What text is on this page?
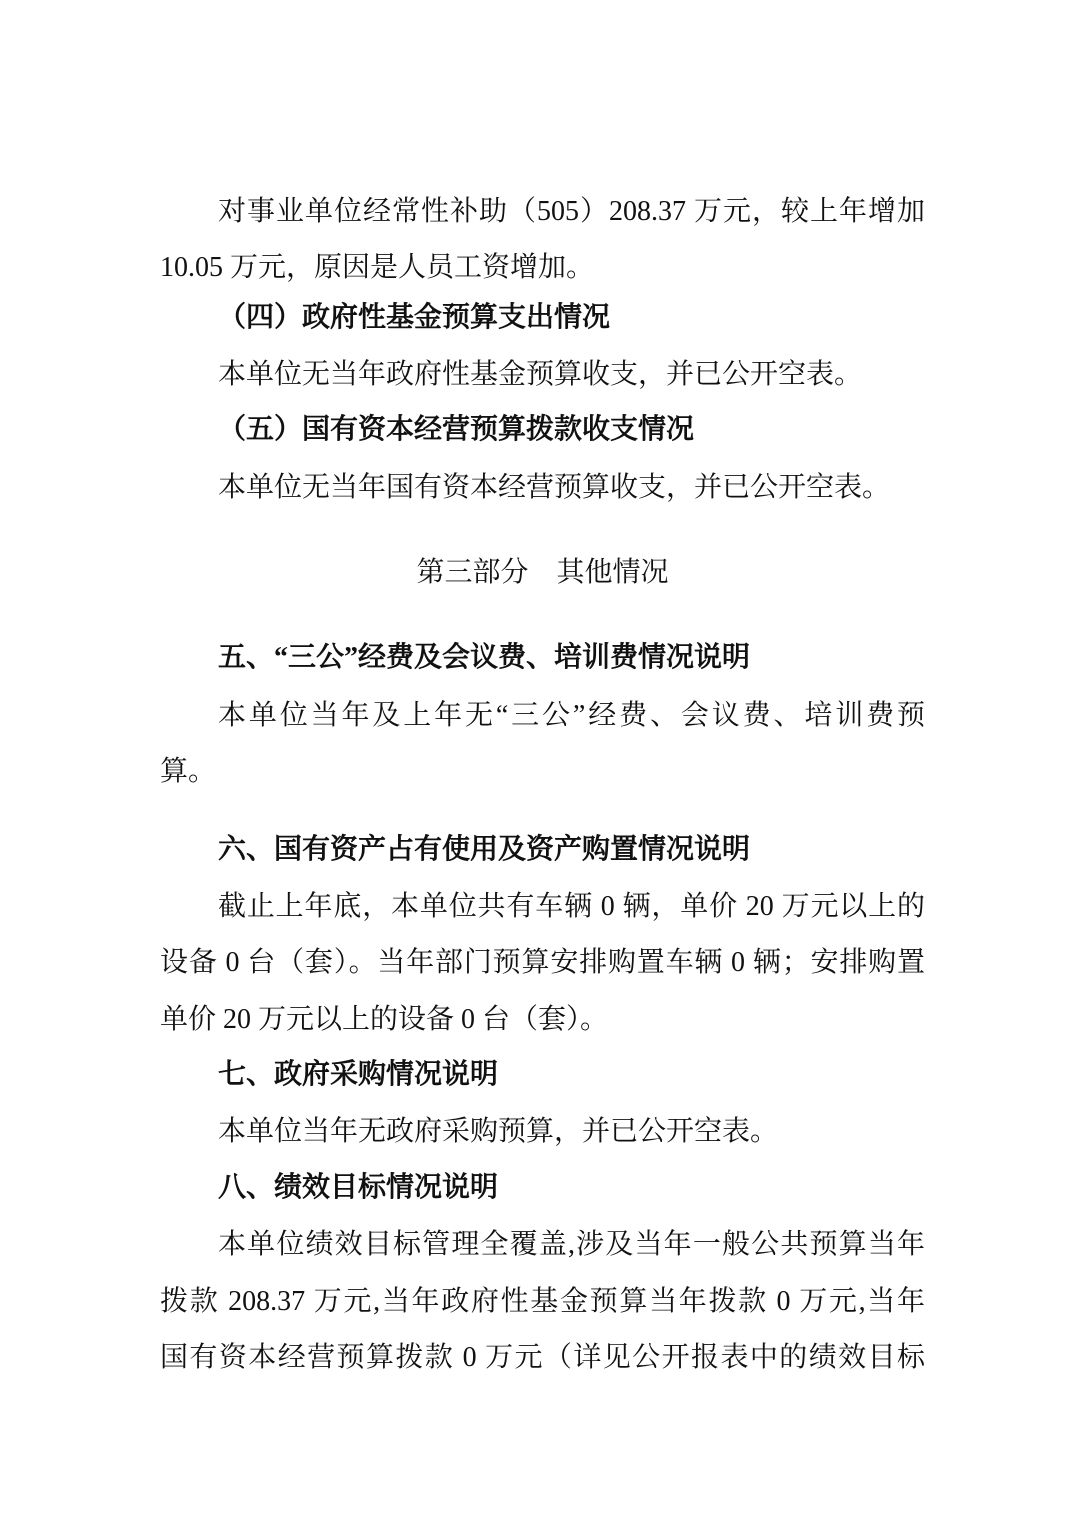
对事业单位经常性补助（505）208.37 万元，较上年增加
10.05 万元，原因是人员工资增加。
（四）政府性基金预算支出情况
本单位无当年政府性基金预算收支，并已公开空表。
（五）国有资本经营预算拨款收支情况
本单位无当年国有资本经营预算收支，并已公开空表。
第三部分　其他情况
五、“三公”经费及会议费、培训费情况说明
本单位当年及上年无“三公”经费、会议费、培训费预
算。
六、国有资产占有使用及资产购置情况说明
截止上年底，本单位共有车辆 0 辆，单价 20 万元以上的
设备 0 台（套）。当年部门预算安排购置车辆 0 辆；安排购置
单价 20 万元以上的设备 0 台（套）。
七、政府采购情况说明
本单位当年无政府采购预算，并已公开空表。
八、绩效目标情况说明
本单位绩效目标管理全覆盖,涉及当年一般公共预算当年
拨款 208.37 万元,当年政府性基金预算当年拨款 0 万元,当年
国有资本经营预算拨款 0 万元（详见公开报表中的绩效目标
